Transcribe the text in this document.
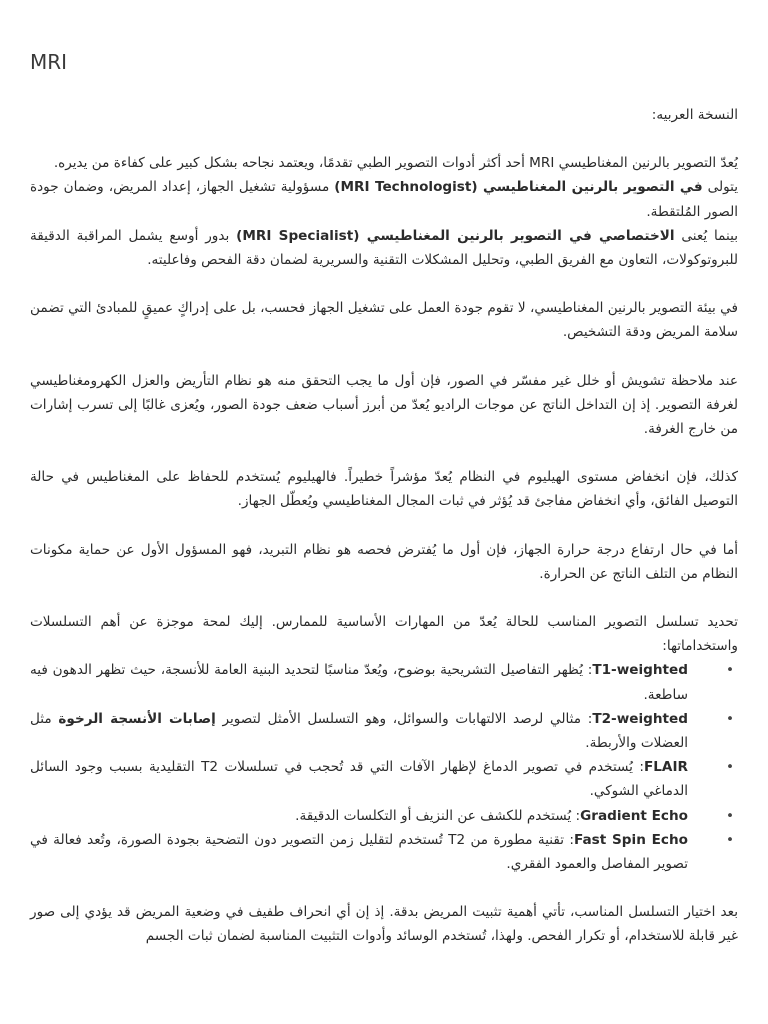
MRI

النسخة العربيه:

يُعدّ التصوير بالرنين المغناطيسي MRI أحد أكثر أدوات التصوير الطبي تقدمًا، ويعتمد نجاحه بشكل كبير على كفاءة من يديره.

يتولى في التصوير بالرنين المغناطيسي (MRI Technologist) مسؤولية تشغيل الجهاز، إعداد المريض، وضمان جودة الصور المُلتقطة.

بينما يُعنى الاختصاصي في التصوير بالرنين المغناطيسي (MRI Specialist) بدور أوسع يشمل المراقبة الدقيقة للبروتوكولات، التعاون مع الفريق الطبي، وتحليل المشكلات التقنية والسريرية لضمان دقة الفحص وفاعليته.

في بيئة التصوير بالرنين المغناطيسي، لا تقوم جودة العمل على تشغيل الجهاز فحسب، بل على إدراكٍ عميقٍ للمبادئ التي تضمن سلامة المريض ودقة التشخيص.

عند ملاحظة تشويش أو خلل غير مفسّر في الصور، فإن أول ما يجب التحقق منه هو نظام التأريض والعزل الكهرومغناطيسي لغرفة التصوير. إذ إن التداخل الناتج عن موجات الراديو يُعدّ من أبرز أسباب ضعف جودة الصور، ويُعزى غالبًا إلى تسرب إشارات من خارج الغرفة.

كذلك، فإن انخفاض مستوى الهيليوم في النظام يُعدّ مؤشراً خطيراً. فالهيليوم يُستخدم للحفاظ على المغناطيس في حالة التوصيل الفائق، وأي انخفاض مفاجئ قد يُؤثر في ثبات المجال المغناطيسي ويُعطّل الجهاز.

أما في حال ارتفاع درجة حرارة الجهاز، فإن أول ما يُفترض فحصه هو نظام التبريد، فهو المسؤول الأول عن حماية مكونات النظام من التلف الناتج عن الحرارة.

تحديد تسلسل التصوير المناسب للحالة يُعدّ من المهارات الأساسية للممارس. إليك لمحة موجزة عن أهم التسلسلات واستخداماتها:

• T1-weighted: يُظهر التفاصيل التشريحية بوضوح، ويُعدّ مناسبًا لتحديد البنية العامة للأنسجة، حيث تظهر الدهون فيه ساطعة.
• T2-weighted: مثالي لرصد الالتهابات والسوائل، وهو التسلسل الأمثل لتصوير إصابات الأنسجة الرخوة مثل العضلات والأربطة.
• FLAIR: يُستخدم في تصوير الدماغ لإظهار الآفات التي قد تُحجب في تسلسلات T2 التقليدية بسبب وجود السائل الدماغي الشوكي.
• Gradient Echo: يُستخدم للكشف عن النزيف أو التكلسات الدقيقة.
• Fast Spin Echo: تقنية مطورة من T2 تُستخدم لتقليل زمن التصوير دون التضحية بجودة الصورة، وتُعد فعالة في تصوير المفاصل والعمود الفقري.

بعد اختيار التسلسل المناسب، تأتي أهمية تثبيت المريض بدقة. إذ إن أي انحراف طفيف في وضعية المريض قد يؤدي إلى صور غير قابلة للاستخدام، أو تكرار الفحص. ولهذا، تُستخدم الوسائد وأدوات التثبيت المناسبة لضمان ثبات الجسم
